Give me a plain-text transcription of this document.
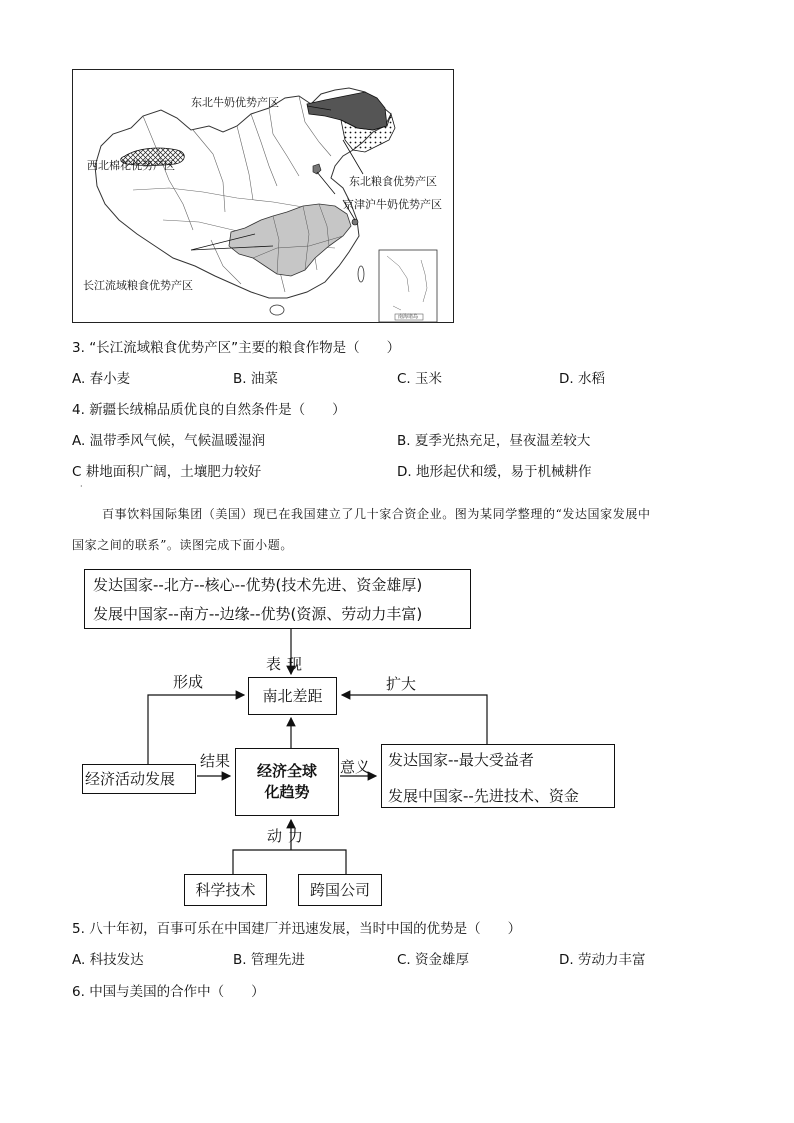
东北牛奶优势产区
西北棉花优势产区
东北粮食优势产区
京津沪牛奶优势产区
长江流域粮食优势产区
南海诸岛
3. “长江流域粮食优势产区”主要的粮食作物是（　　）
A. 春小麦	B. 油菜	C. 玉米	D. 水稻
4. 新疆长绒棉品质优良的自然条件是（　　）
A. 温带季风气候，气候温暖湿润	B. 夏季光热充足，昼夜温差较大
C 耕地面积广阔，土壤肥力较好	D. 地形起伏和缓，易于机械耕作
·
百事饮料国际集团（美国）现已在我国建立了几十家合资企业。图为某同学整理的“发达国家发展中
国家之间的联系”。读图完成下面小题。
发达国家--北方--核心--优势(技术先进、资金雄厚)
发展中国家--南方--边缘--优势(资源、劳动力丰富)
表现
南北差距
形成	扩大
结果	意义
经济活动发展	经济全球
化趋势
发达国家--最大受益者
发展中国家--先进技术、资金
动力
科学技术	跨国公司
5. 八十年初，百事可乐在中国建厂并迅速发展，当时中国的优势是（　　）
A. 科技发达	B. 管理先进	C. 资金雄厚	D. 劳动力丰富
6. 中国与美国的合作中（　　）
